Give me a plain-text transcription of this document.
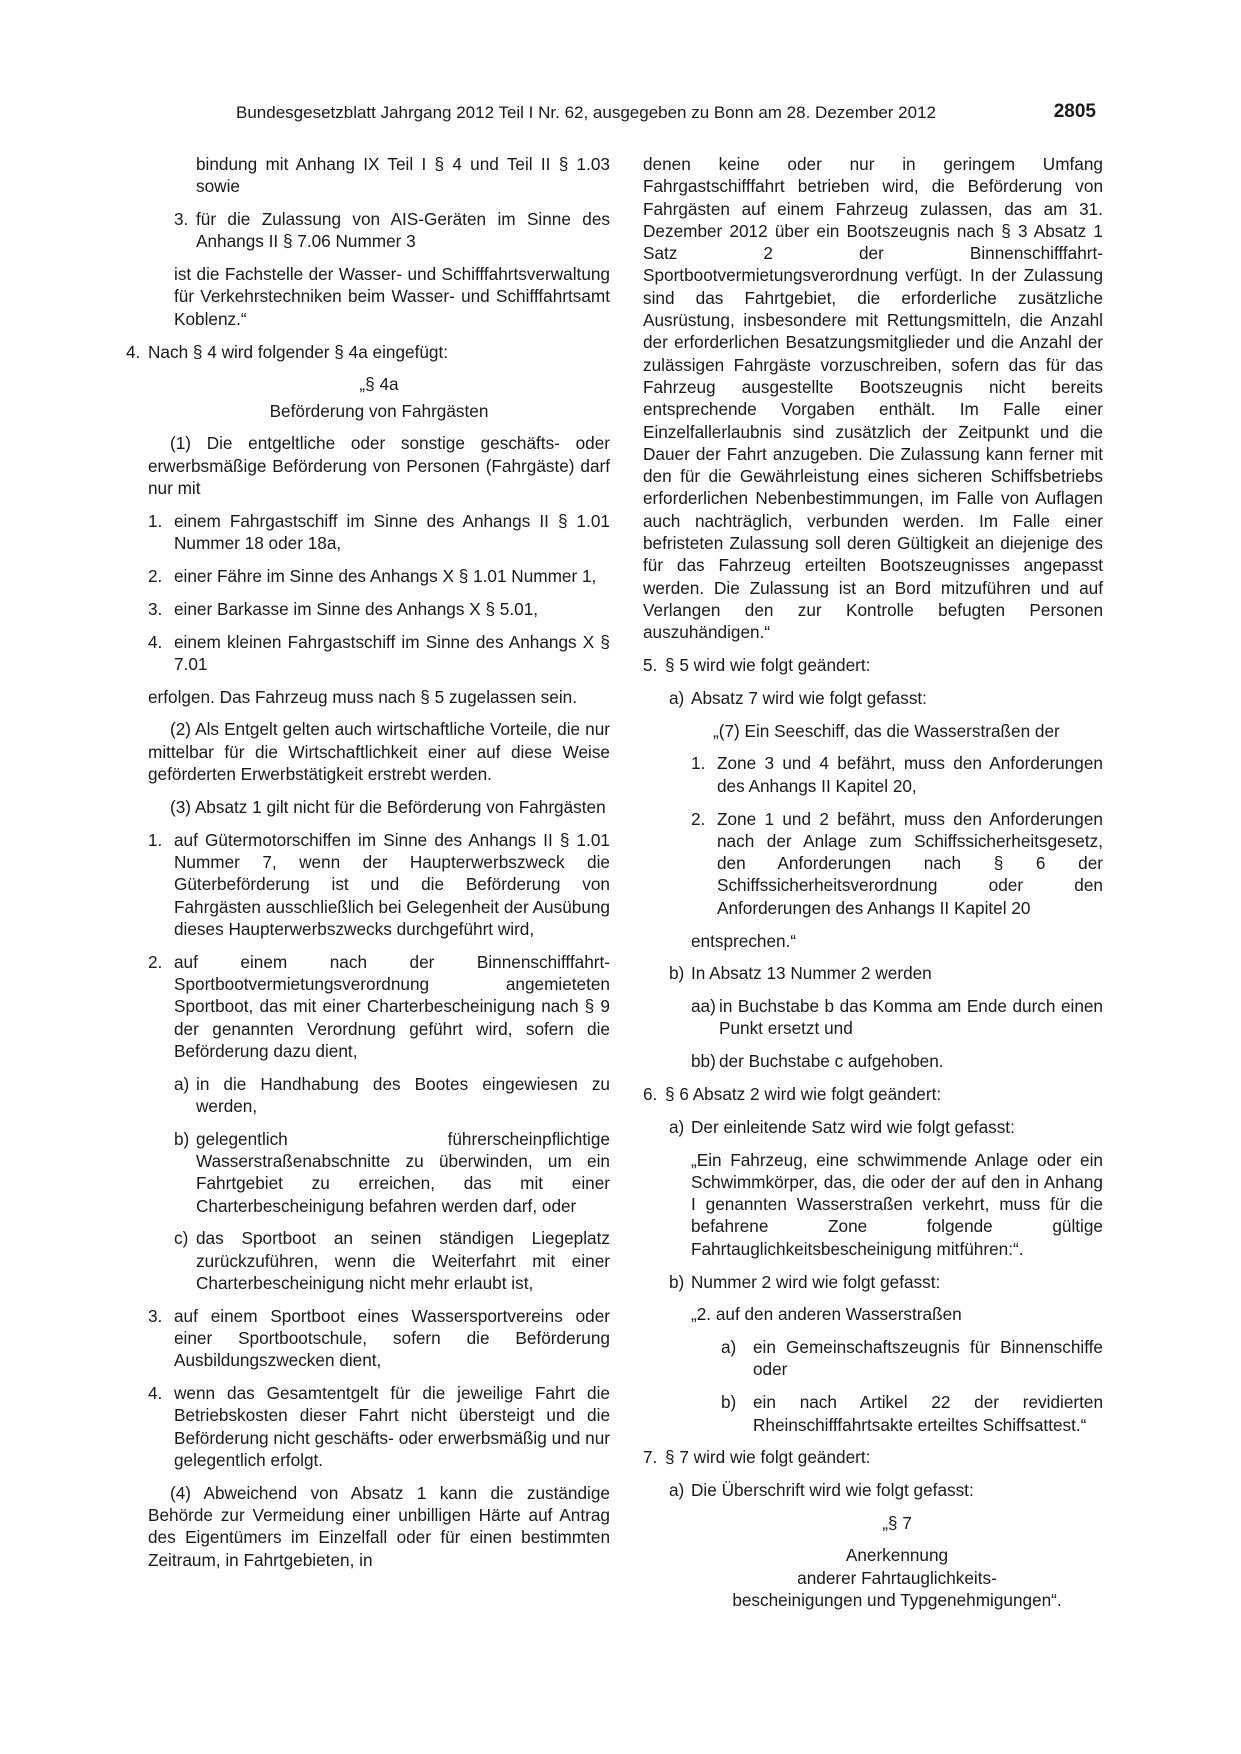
Bundesgesetzblatt Jahrgang 2012 Teil I Nr. 62, ausgegeben zu Bonn am 28. Dezember 2012	2805
bindung mit Anhang IX Teil I § 4 und Teil II § 1.03 sowie
3. für die Zulassung von AIS-Geräten im Sinne des Anhangs II § 7.06 Nummer 3
ist die Fachstelle der Wasser- und Schifffahrtsverwaltung für Verkehrstechniken beim Wasser- und Schifffahrtsamt Koblenz.“
4. Nach § 4 wird folgender § 4a eingefügt:
„§ 4a
Beförderung von Fahrgästen
(1) Die entgeltliche oder sonstige geschäfts- oder erwerbsmäßige Beförderung von Personen (Fahrgäste) darf nur mit
1. einem Fahrgastschiff im Sinne des Anhangs II § 1.01 Nummer 18 oder 18a,
2. einer Fähre im Sinne des Anhangs X § 1.01 Nummer 1,
3. einer Barkasse im Sinne des Anhangs X § 5.01,
4. einem kleinen Fahrgastschiff im Sinne des Anhangs X § 7.01
erfolgen. Das Fahrzeug muss nach § 5 zugelassen sein.
(2) Als Entgelt gelten auch wirtschaftliche Vorteile, die nur mittelbar für die Wirtschaftlichkeit einer auf diese Weise geförderten Erwerbstätigkeit erstrebt werden.
(3) Absatz 1 gilt nicht für die Beförderung von Fahrgästen
1. auf Gütermotorschiffen im Sinne des Anhangs II § 1.01 Nummer 7, wenn der Haupterwerbszweck die Güterbeförderung ist und die Beförderung von Fahrgästen ausschließlich bei Gelegenheit der Ausübung dieses Haupterwerbszwecks durchgeführt wird,
2. auf einem nach der Binnenschifffahrt-Sportbootvermietungsverordnung angemieteten Sportboot, das mit einer Charterbescheinigung nach § 9 der genannten Verordnung geführt wird, sofern die Beförderung dazu dient,
a) in die Handhabung des Bootes eingewiesen zu werden,
b) gelegentlich führerscheinpflichtige Wasserstraßenabschnitte zu überwinden, um ein Fahrtgebiet zu erreichen, das mit einer Charterbescheinigung befahren werden darf, oder
c) das Sportboot an seinen ständigen Liegeplatz zurückzuführen, wenn die Weiterfahrt mit einer Charterbescheinigung nicht mehr erlaubt ist,
3. auf einem Sportboot eines Wassersportvereins oder einer Sportbootschule, sofern die Beförderung Ausbildungszwecken dient,
4. wenn das Gesamtentgelt für die jeweilige Fahrt die Betriebskosten dieser Fahrt nicht übersteigt und die Beförderung nicht geschäfts- oder erwerbsmäßig und nur gelegentlich erfolgt.
(4) Abweichend von Absatz 1 kann die zuständige Behörde zur Vermeidung einer unbilligen Härte auf Antrag des Eigentümers im Einzelfall oder für einen bestimmten Zeitraum, in Fahrtgebieten, in
denen keine oder nur in geringem Umfang Fahrgastschifffahrt betrieben wird, die Beförderung von Fahrgästen auf einem Fahrzeug zulassen, das am 31. Dezember 2012 über ein Bootszeugnis nach § 3 Absatz 1 Satz 2 der Binnenschifffahrt-Sportbootvermietungsverordnung verfügt. In der Zulassung sind das Fahrtgebiet, die erforderliche zusätzliche Ausrüstung, insbesondere mit Rettungsmitteln, die Anzahl der erforderlichen Besatzungsmitglieder und die Anzahl der zulässigen Fahrgäste vorzuschreiben, sofern das für das Fahrzeug ausgestellte Bootszeugnis nicht bereits entsprechende Vorgaben enthält. Im Falle einer Einzelfallerlaubnis sind zusätzlich der Zeitpunkt und die Dauer der Fahrt anzugeben. Die Zulassung kann ferner mit den für die Gewährleistung eines sicheren Schiffsbetriebs erforderlichen Nebenbestimmungen, im Falle von Auflagen auch nachträglich, verbunden werden. Im Falle einer befristeten Zulassung soll deren Gültigkeit an diejenige des für das Fahrzeug erteilten Bootszeugnisses angepasst werden. Die Zulassung ist an Bord mitzuführen und auf Verlangen den zur Kontrolle befugten Personen auszuhändigen.“
5. § 5 wird wie folgt geändert:
a) Absatz 7 wird wie folgt gefasst:
„(7) Ein Seeschiff, das die Wasserstraßen der
1. Zone 3 und 4 befährt, muss den Anforderungen des Anhangs II Kapitel 20,
2. Zone 1 und 2 befährt, muss den Anforderungen nach der Anlage zum Schiffssicherheitsgesetz, den Anforderungen nach § 6 der Schiffssicherheitsverordnung oder den Anforderungen des Anhangs II Kapitel 20
entsprechen.“
b) In Absatz 13 Nummer 2 werden
aa) in Buchstabe b das Komma am Ende durch einen Punkt ersetzt und
bb) der Buchstabe c aufgehoben.
6. § 6 Absatz 2 wird wie folgt geändert:
a) Der einleitende Satz wird wie folgt gefasst:
„Ein Fahrzeug, eine schwimmende Anlage oder ein Schwimmkörper, das, die oder der auf den in Anhang I genannten Wasserstraßen verkehrt, muss für die befahrene Zone folgende gültige Fahrtauglichkeitsbescheinigung mitführen:“.
b) Nummer 2 wird wie folgt gefasst:
„2. auf den anderen Wasserstraßen
a) ein Gemeinschaftszeugnis für Binnenschiffe oder
b) ein nach Artikel 22 der revidierten Rheinschifffahrtsakte erteiltes Schiffsattest.“
7. § 7 wird wie folgt geändert:
a) Die Überschrift wird wie folgt gefasst:
„§ 7
Anerkennung
anderer Fahrtauglichkeits-
bescheinigungen und Typgenehmigungen“.
